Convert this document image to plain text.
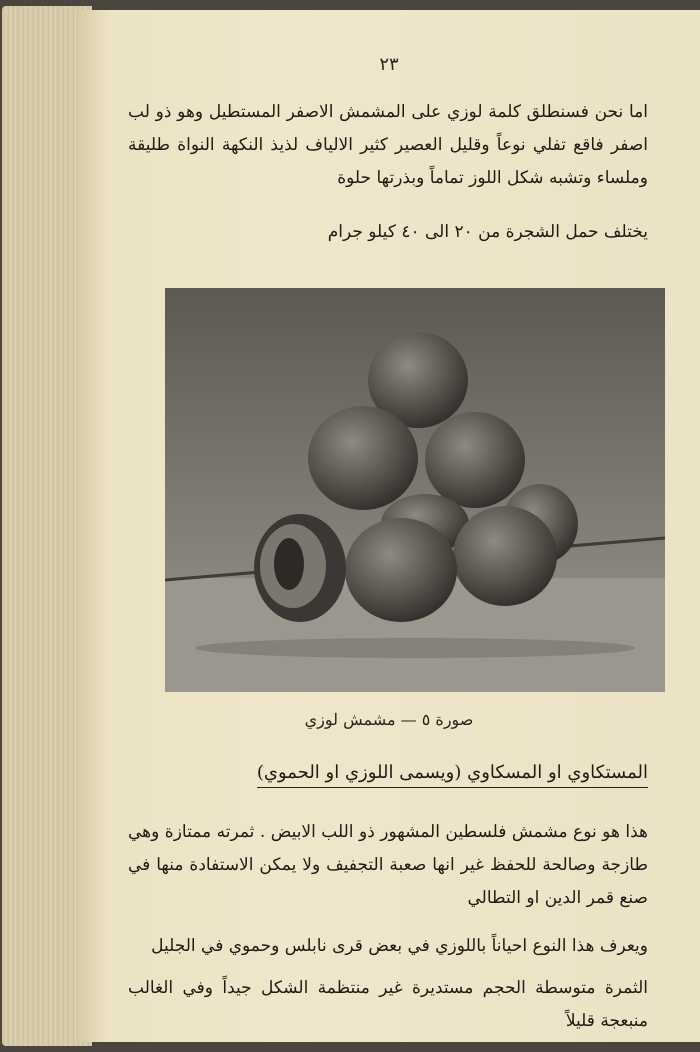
٢٣

اما نحن فسنطلق كلمة لوزي على المشمش الاصفر المستطيل وهو ذو لب اصفر فاقع تفلي نوعاً وقليل العصير كثير الالياف لذيذ النكهة النواة طليقة وملساء وتشبه شكل اللوز تماماً وبذرتها حلوة

يختلف حمل الشجرة من ٢٠ الى ٤٠ كيلو جرام

صورة ٥ — مشمش لوزي
المستكاوي او المسكاوي (ويسمى اللوزي او الحموي)

هذا هو نوع مشمش فلسطين المشهور ذو اللب الابيض . ثمرته ممتازة وهي طازجة وصالحة للحفظ غير انها صعبة التجفيف ولا يمكن الاستفادة منها في صنع قمر الدين او التطالي

ويعرف هذا النوع احياناً باللوزي في بعض قرى نابلس وحموي في الجليل

الثمرة متوسطة الحجم مستديرة غير منتظمة الشكل جيداً وفي الغالب منبعجة قليلاً
